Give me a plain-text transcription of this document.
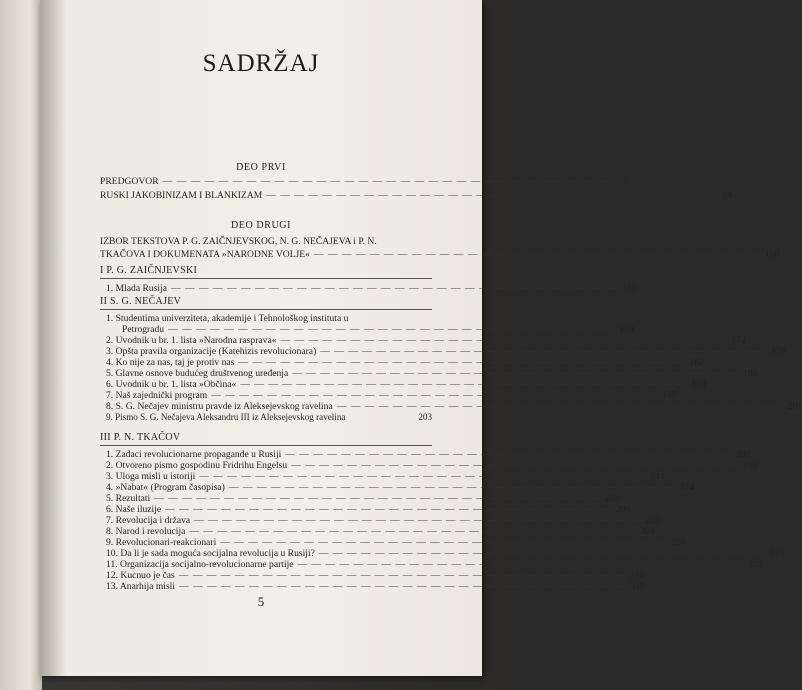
SADRŽAJ
DEO PRVI
PREDGOVOR — — — — — — — — — — — — — — — — — — — — — — — — — — — — — — — —	9
RUSKI JAKOBINIZAM I BLANKIZAM — — — — — — — — — — — — — — — — — — — — — — — — — — — — — — — —	14
DEO DRUGI
IZBOR TEKSTOVA P. G. ZAIČNJEVSKOG, N. G. NEČAJEVA i P. N.
TKAČOVA I DOKUMENATA »NARODNE VOLJE« — — — — — — — — — — — — — — — — — — — — — — — — — — — — — — — — 160
I P. G. ZAIČNJEVSKI
1. Mlada Rusija — — — — — — — — — — — — — — — — — — — — — — — — — — — — — — — — 161
II S. G. NEČAJEV
1. Studentima univerziteta, akademije i Tehnološkog instituta u
Petrogradu — — — — — — — — — — — — — — — — — — — — — — — — — — — — — — — — 169
2. Uvodnik u br. 1. lista »Narodna rasprava« — — — — — — — — — — — — — — — — — — — — — — — — — — — — — — — — 172
3. Opšta pravila organizacije (Katehizis revolucionara) — — — — — — — — — — — — — — — — — — — — — — — — — — — — — — — — 176
4. Ko nije za nas, taj je protiv nas — — — — — — — — — — — — — — — — — — — — — — — — — — — — — — — — 182
5. Glavne osnove budućeg društvenog uređenja — — — — — — — — — — — — — — — — — — — — — — — — — — — — — — — — 186
6. Uvodnik u br. 1. lista »Občina« — — — — — — — — — — — — — — — — — — — — — — — — — — — — — — — — 190
7. Naš zajednički program — — — — — — — — — — — — — — — — — — — — — — — — — — — — — — — — 197
8. S. G. Nečajev ministru pravde iz Aleksejevskog ravelina — — — — — — — — — — — — — — — — — — — — — — — — — — — — — — — — 201
9. Pismo S. G. Nečajeva Aleksandru III iz Aleksejevskog ravelina	203
III P. N. TKAČOV
1. Zadaci revolucionarne propagande u Rusiji — — — — — — — — — — — — — — — — — — — — — — — — — — — — — — — — 207
2. Otvoreno pismo gospodinu Fridrihu Engelsu — — — — — — — — — — — — — — — — — — — — — — — — — — — — — — — — 233
3. Uloga misli u istoriji — — — — — — — — — — — — — — — — — — — — — — — — — — — — — — — — 241
4. »Nabat« (Program časopisa) — — — — — — — — — — — — — — — — — — — — — — — — — — — — — — — — 274
5. Rezultati — — — — — — — — — — — — — — — — — — — — — — — — — — — — — — — — 284
6. Naše iluzije — — — — — — — — — — — — — — — — — — — — — — — — — — — — — — — — 290
7. Revolucija i država — — — — — — — — — — — — — — — — — — — — — — — — — — — — — — — — 295
8. Narod i revolucija — — — — — — — — — — — — — — — — — — — — — — — — — — — — — — — — 304
9. Revolucionari-reakcionari — — — — — — — — — — — — — — — — — — — — — — — — — — — — — — — — 310
10. Da li je sada moguća socijalna revolucija u Rusiji? — — — — — — — — — — — — — — — — — — — — — — — — — — — — — — — — 316
11. Organizacija socijalno-revolucionarne partije — — — — — — — — — — — — — — — — — — — — — — — — — — — — — — — — 323
12. Kucnuo je čas — — — — — — — — — — — — — — — — — — — — — — — — — — — — — — — — 330
13. Anarhija misli — — — — — — — — — — — — — — — — — — — — — — — — — — — — — — — — 336
5
